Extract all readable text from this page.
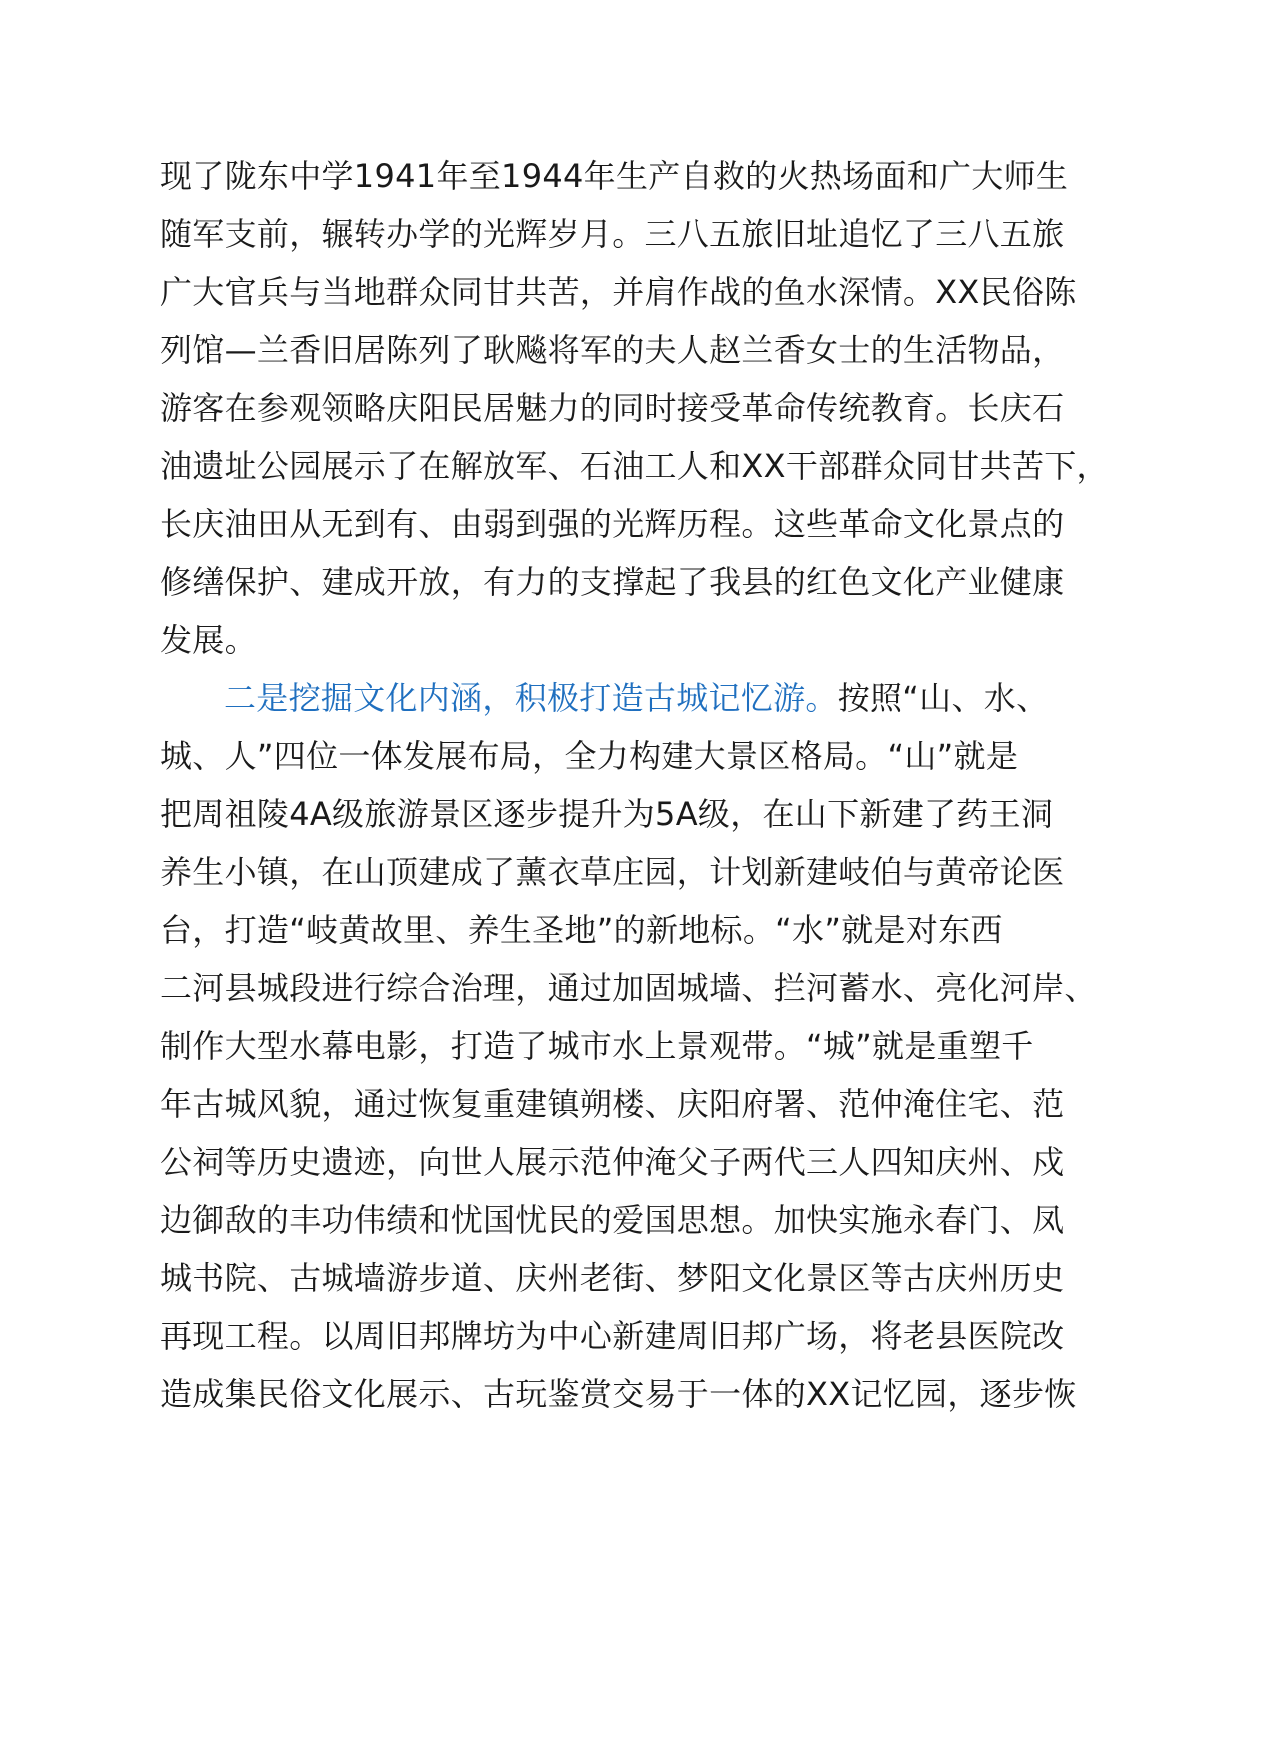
现了陇东中学1941年至1944年生产自救的火热场面和广大师生
随军支前，辗转办学的光辉岁月。三八五旅旧址追忆了三八五旅
广大官兵与当地群众同甘共苦，并肩作战的鱼水深情。XX民俗陈
列馆—兰香旧居陈列了耿飚将军的夫人赵兰香女士的生活物品，
游客在参观领略庆阳民居魅力的同时接受革命传统教育。长庆石
油遗址公园展示了在解放军、石油工人和XX干部群众同甘共苦下，
长庆油田从无到有、由弱到强的光辉历程。这些革命文化景点的
修缮保护、建成开放，有力的支撑起了我县的红色文化产业健康
发展。
二是挖掘文化内涵，积极打造古城记忆游。按照“山、水、
城、人”四位一体发展布局，全力构建大景区格局。“山”就是
把周祖陵4A级旅游景区逐步提升为5A级，在山下新建了药王洞
养生小镇，在山顶建成了薰衣草庄园，计划新建岐伯与黄帝论医
台，打造“岐黄故里、养生圣地”的新地标。“水”就是对东西
二河县城段进行综合治理，通过加固城墙、拦河蓄水、亮化河岸、
制作大型水幕电影，打造了城市水上景观带。“城”就是重塑千
年古城风貌，通过恢复重建镇朔楼、庆阳府署、范仲淹住宅、范
公祠等历史遗迹，向世人展示范仲淹父子两代三人四知庆州、戍
边御敌的丰功伟绩和忧国忧民的爱国思想。加快实施永春门、凤
城书院、古城墙游步道、庆州老街、梦阳文化景区等古庆州历史
再现工程。以周旧邦牌坊为中心新建周旧邦广场，将老县医院改
造成集民俗文化展示、古玩鉴赏交易于一体的XX记忆园，逐步恢
